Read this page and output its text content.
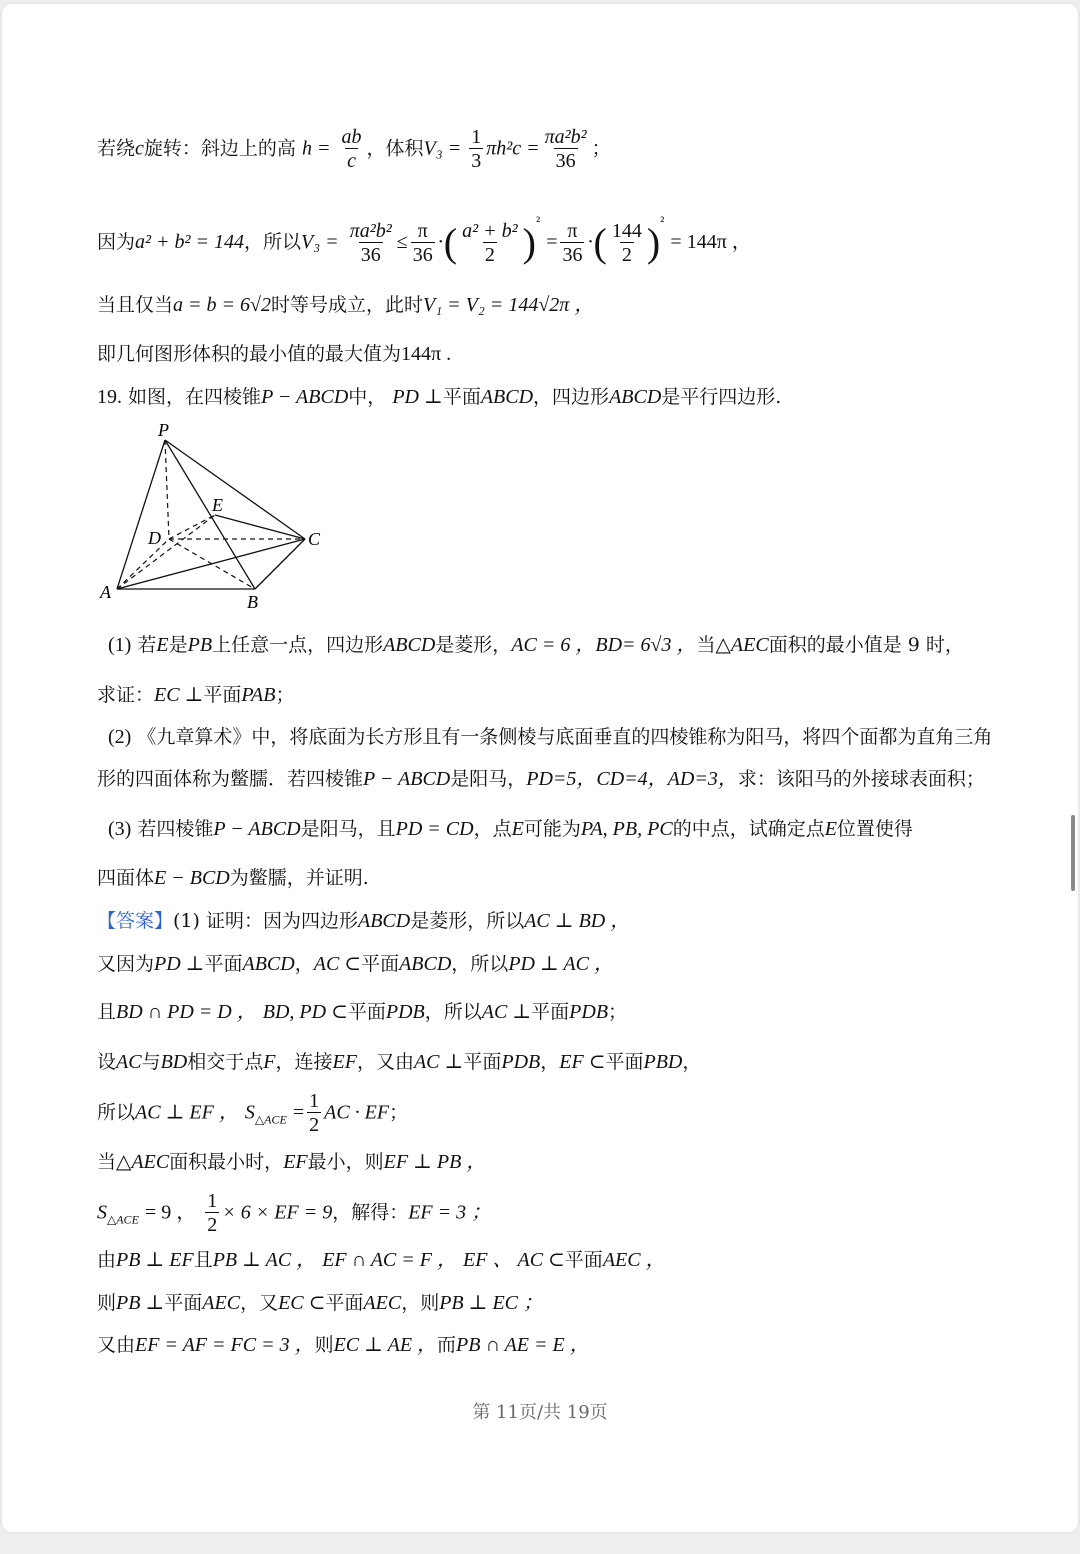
若绕c旋转：斜边上的高 $h = \frac{ab}{c}$ ，体积$V_3 = \frac{1}{3} \pi h^2c = \frac{\text{πa²b²}}{36}$ ；
因为a² + b² = 144，所以$V_3 = \frac{\text{πa²b²}}{36} \le \frac{\pi}{36}$ ·( $\frac{\text{a² + b²}}{2} )^{^2} = \frac{\pi}{36}$ ·( $\frac{144}{2} )^{^2} = 144\pi$ ，
当且仅当a = b = 6√2时等号成立，此时V₁ = V₂ = 144√2π ，
即几何图形体积的最小值的最大值为144π .
19. 如图，在四棱锥P − ABCD中， PD ⊥平面ABCD，四边形ABCD是平行四边形.
P
E
D	C
A	B
(1) 若E是PB上任意一点，四边形ABCD是菱形，AC = 6 ，BD= 6√3 ，当△AEC面积的最小值是 9 时，
求证：EC ⊥平面PAB；
(2) 《九章算术》中，将底面为长方形且有一条侧棱与底面垂直的四棱锥称为阳马，将四个面都为直角三角
形的四面体称为鳖臑．若四棱锥P − ABCD是阳马，PD=5，CD=4，AD=3，求：该阳马的外接球表面积；
(3) 若四棱锥P − ABCD是阳马，且PD = CD，点E可能为PA, PB, PC的中点，试确定点E位置使得
四面体E − BCD为鳖臑，并证明.
【答案】(1) 证明：因为四边形ABCD是菱形，所以AC ⊥ BD ，
又因为PD ⊥平面ABCD，AC ⊂平面ABCD，所以PD ⊥ AC ，
且BD ∩ PD = D ， BD, PD ⊂平面PDB，所以AC ⊥平面PDB；
设AC与BD相交于点F，连接EF，又由AC ⊥平面PDB，EF ⊂平面PBD，
所以AC ⊥ EF ， $S_{\triangle ACE} = \frac{1}{2}$ AC · EF；
当△AEC面积最小时，EF最小，则EF ⊥ PB ，
$S_{\triangle ACE} = 9$ ， $\frac{1}{2} \times 6$ × EF = 9，解得：EF = 3 ；
由PB ⊥ EF且PB ⊥ AC ， EF ∩ AC = F ， EF 、 AC ⊂平面AEC ，
则PB ⊥平面AEC，又EC ⊂平面AEC，则PB ⊥ EC ；
又由EF = AF = FC = 3 ，则EC ⊥ AE ，而PB ∩ AE = E ，
第 11页/共 19页
